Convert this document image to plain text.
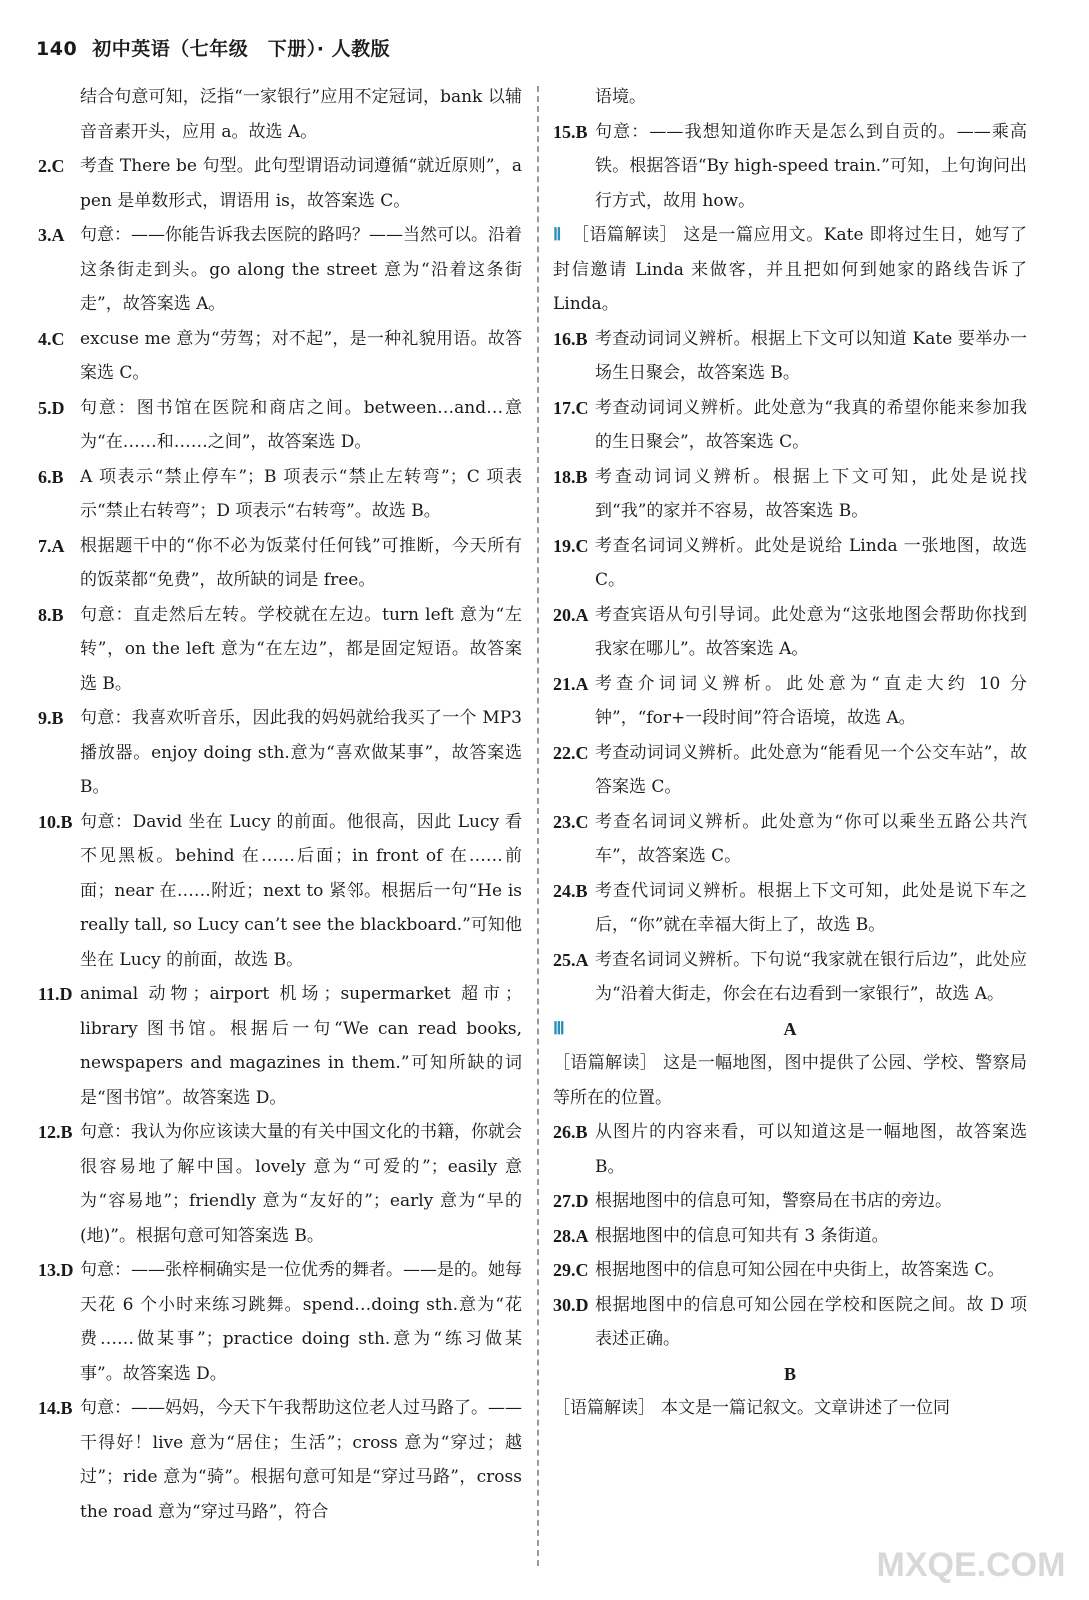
140 初中英语（七年级　下册）· 人教版
结合句意可知，泛指“一家银行”应用不定冠词，bank 以辅音音素开头，应用 a。故选 A。
2.C 考查 There be 句型。此句型谓语动词遵循“就近原则”，a pen 是单数形式，谓语用 is，故答案选 C。
3.A 句意：——你能告诉我去医院的路吗？——当然可以。沿着这条街走到头。go along the street 意为“沿着这条街走”，故答案选 A。
4.C excuse me 意为“劳驾；对不起”，是一种礼貌用语。故答案选 C。
5.D 句意：图书馆在医院和商店之间。between…and…意为“在……和……之间”，故答案选 D。
6.B A 项表示“禁止停车”；B 项表示“禁止左转弯”；C 项表示“禁止右转弯”；D 项表示“右转弯”。故选 B。
7.A 根据题干中的“你不必为饭菜付任何钱”可推断，今天所有的饭菜都“免费”，故所缺的词是 free。
8.B 句意：直走然后左转。学校就在左边。turn left 意为“左转”，on the left 意为“在左边”，都是固定短语。故答案选 B。
9.B 句意：我喜欢听音乐，因此我的妈妈就给我买了一个 MP3 播放器。enjoy doing sth.意为“喜欢做某事”，故答案选 B。
10.B 句意：David 坐在 Lucy 的前面。他很高，因此 Lucy 看不见黑板。behind 在……后面；in front of 在……前面；near 在……附近；next to 紧邻。根据后一句“He is really tall, so Lucy can’t see the blackboard.”可知他坐在 Lucy 的前面，故选 B。
11.D animal 动物；airport 机场；supermarket 超市；library 图书馆。根据后一句“We can read books, newspapers and magazines in them.”可知所缺的词是“图书馆”。故答案选 D。
12.B 句意：我认为你应该读大量的有关中国文化的书籍，你就会很容易地了解中国。lovely 意为“可爱的”；easily 意为“容易地”；friendly 意为“友好的”；early 意为“早的(地)”。根据句意可知答案选 B。
13.D 句意：——张梓桐确实是一位优秀的舞者。——是的。她每天花 6 个小时来练习跳舞。spend…doing sth.意为“花费……做某事”；practice doing sth.意为“练习做某事”。故答案选 D。
14.B 句意：——妈妈，今天下午我帮助这位老人过马路了。——干得好！live 意为“居住；生活”；cross 意为“穿过；越过”；ride 意为“骑”。根据句意可知是“穿过马路”，cross the road 意为“穿过马路”，符合
语境。
15.B 句意：——我想知道你昨天是怎么到自贡的。——乘高铁。根据答语“By high-speed train.”可知，上句询问出行方式，故用 how。
Ⅱ ［语篇解读］ 这是一篇应用文。Kate 即将过生日，她写了封信邀请 Linda 来做客，并且把如何到她家的路线告诉了 Linda。
16.B 考查动词词义辨析。根据上下文可以知道 Kate 要举办一场生日聚会，故答案选 B。
17.C 考查动词词义辨析。此处意为“我真的希望你能来参加我的生日聚会”，故答案选 C。
18.B 考查动词词义辨析。根据上下文可知，此处是说找到“我”的家并不容易，故答案选 B。
19.C 考查名词词义辨析。此处是说给 Linda 一张地图，故选 C。
20.A 考查宾语从句引导词。此处意为“这张地图会帮助你找到我家在哪儿”。故答案选 A。
21.A 考查介词词义辨析。此处意为“直走大约 10 分钟”，“for+一段时间”符合语境，故选 A。
22.C 考查动词词义辨析。此处意为“能看见一个公交车站”，故答案选 C。
23.C 考查名词词义辨析。此处意为“你可以乘坐五路公共汽车”，故答案选 C。
24.B 考查代词词义辨析。根据上下文可知，此处是说下车之后，“你”就在幸福大街上了，故选 B。
25.A 考查名词词义辨析。下句说“我家就在银行后边”，此处应为“沿着大街走，你会在右边看到一家银行”，故选 A。
Ⅲ	A
［语篇解读］ 这是一幅地图，图中提供了公园、学校、警察局等所在的位置。
26.B 从图片的内容来看，可以知道这是一幅地图，故答案选 B。
27.D 根据地图中的信息可知，警察局在书店的旁边。
28.A 根据地图中的信息可知共有 3 条街道。
29.C 根据地图中的信息可知公园在中央街上，故答案选 C。
30.D 根据地图中的信息可知公园在学校和医院之间。故 D 项表述正确。
B
［语篇解读］ 本文是一篇记叙文。文章讲述了一位同
MXQE.COM
